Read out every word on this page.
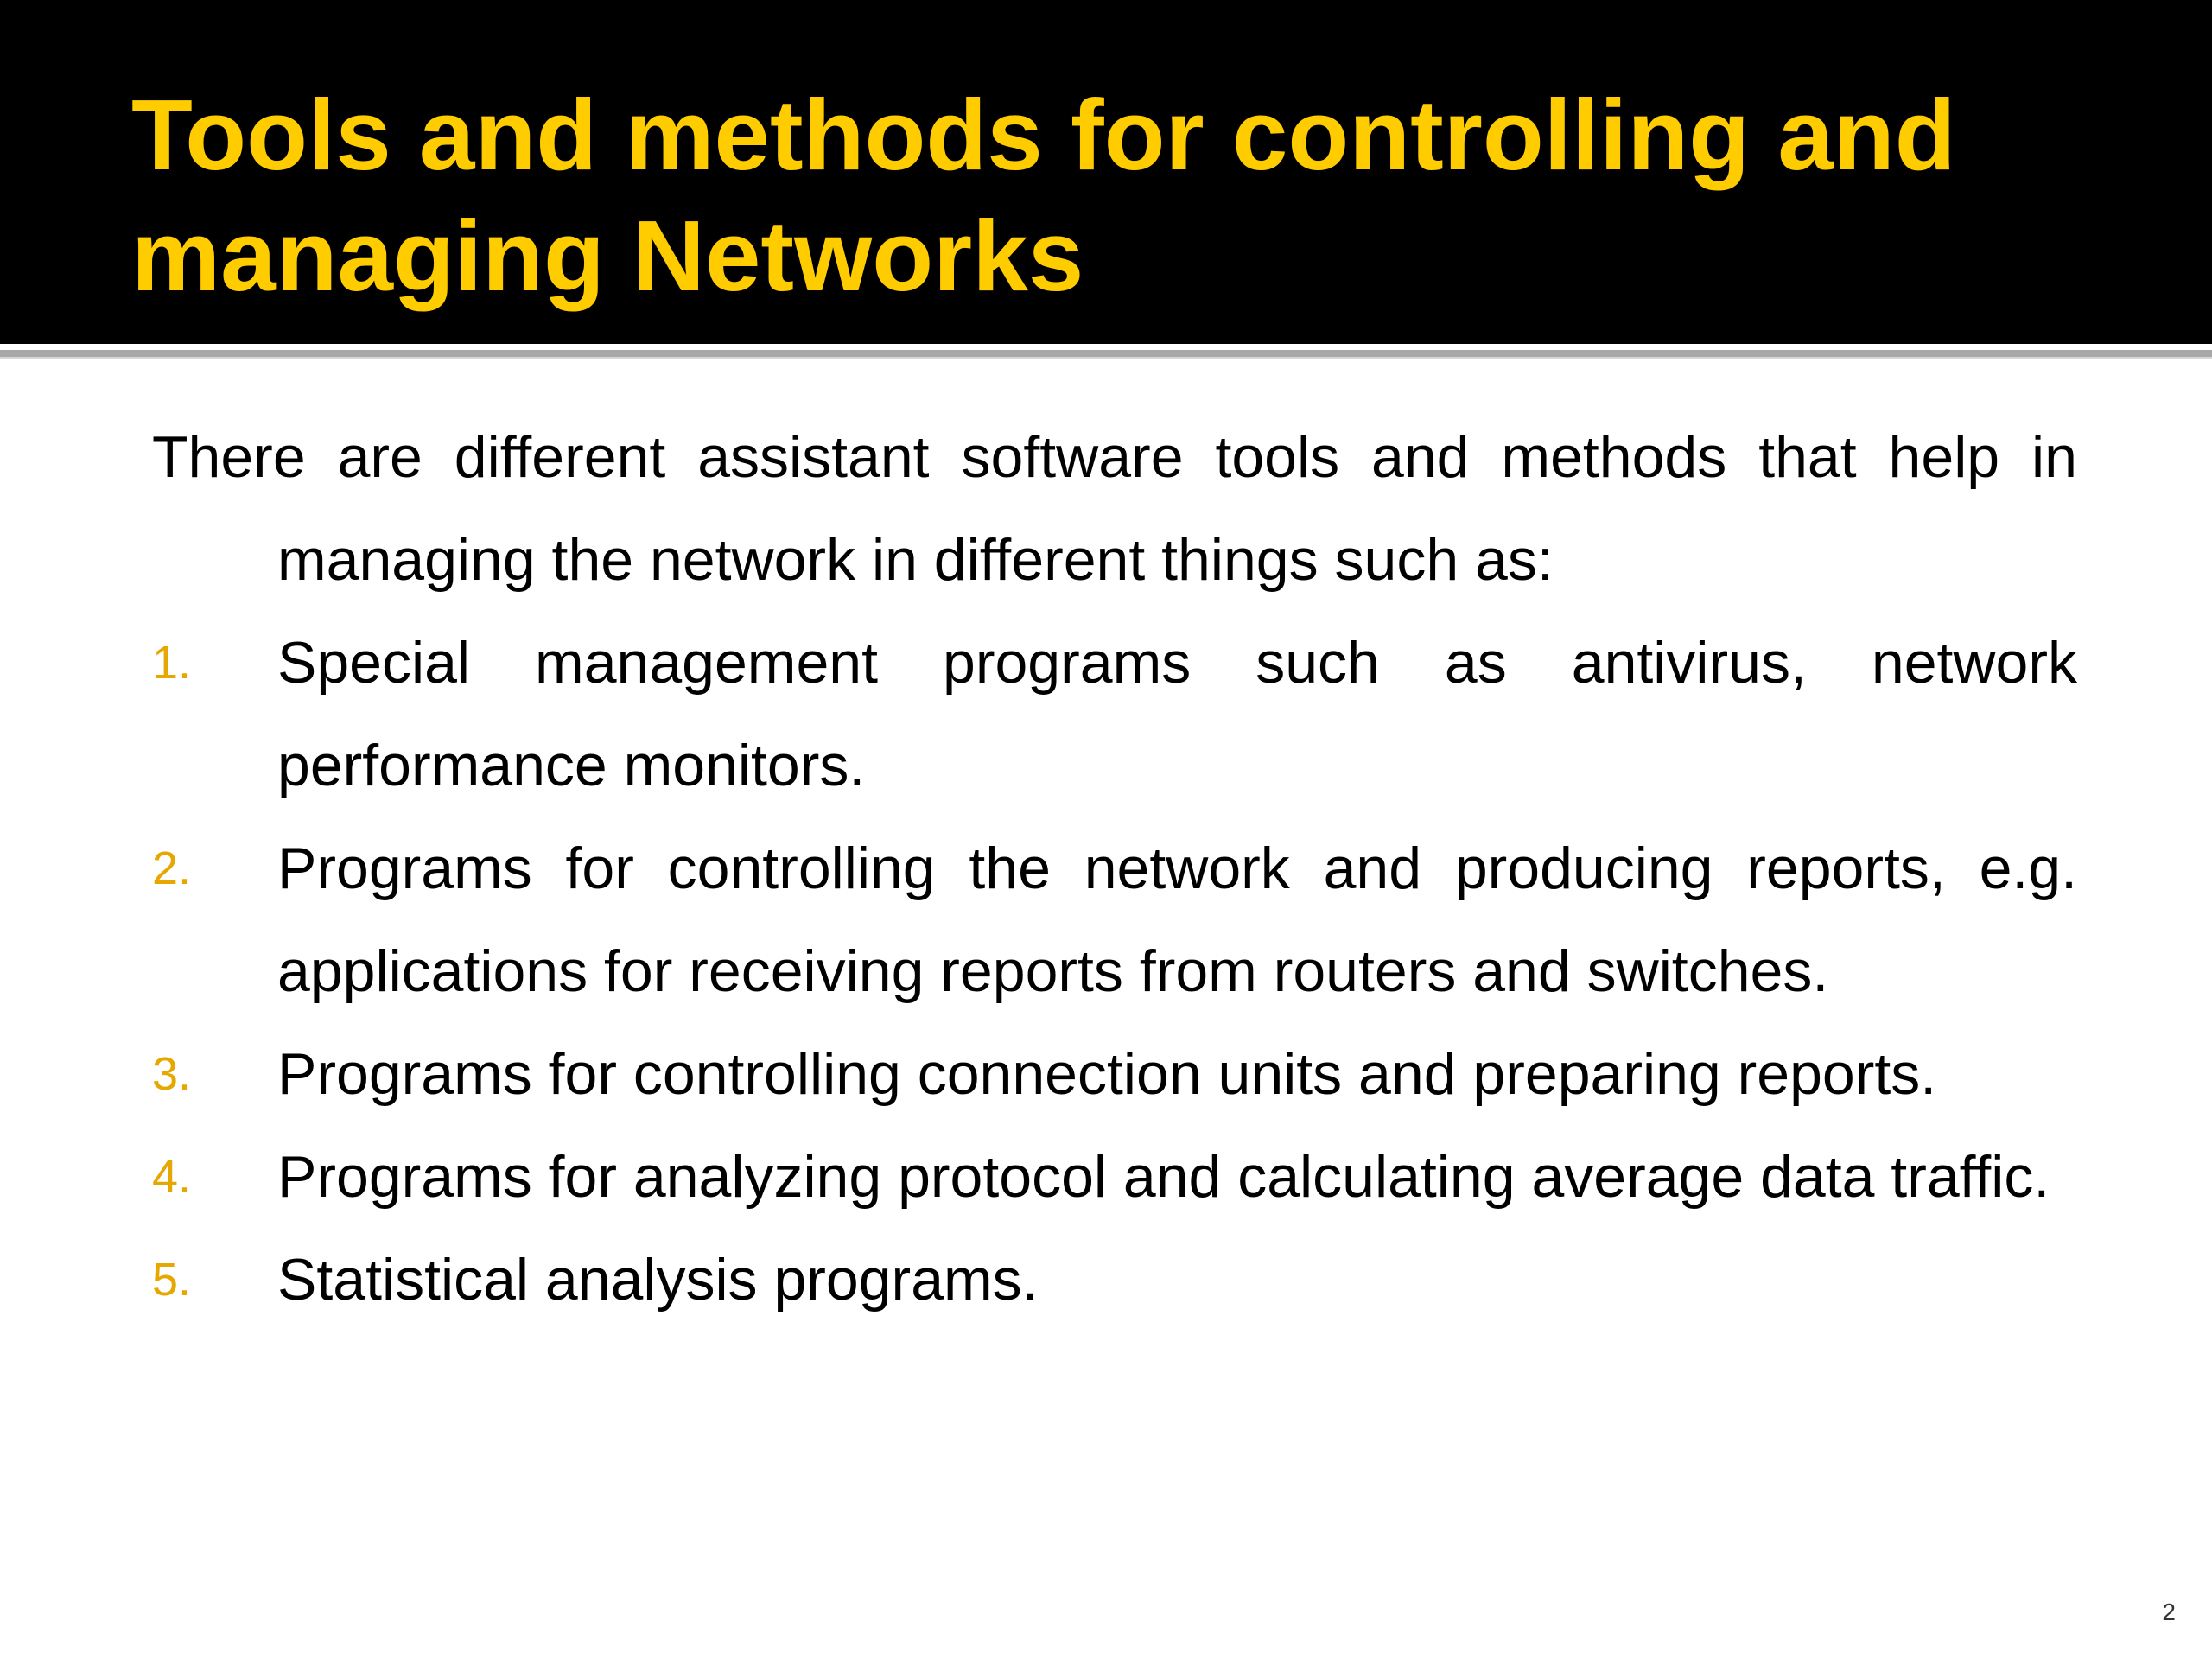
Tools and methods for controlling and managing Networks

There are different assistant software tools and methods that help in managing the network in different things such as:

1. Special management programs such as antivirus, network performance monitors.
2. Programs for controlling the network and producing reports, e.g. applications for receiving reports from routers and switches.
3. Programs for controlling connection units and preparing reports.
4. Programs for analyzing protocol and calculating average data traffic.
5. Statistical analysis programs.
2
